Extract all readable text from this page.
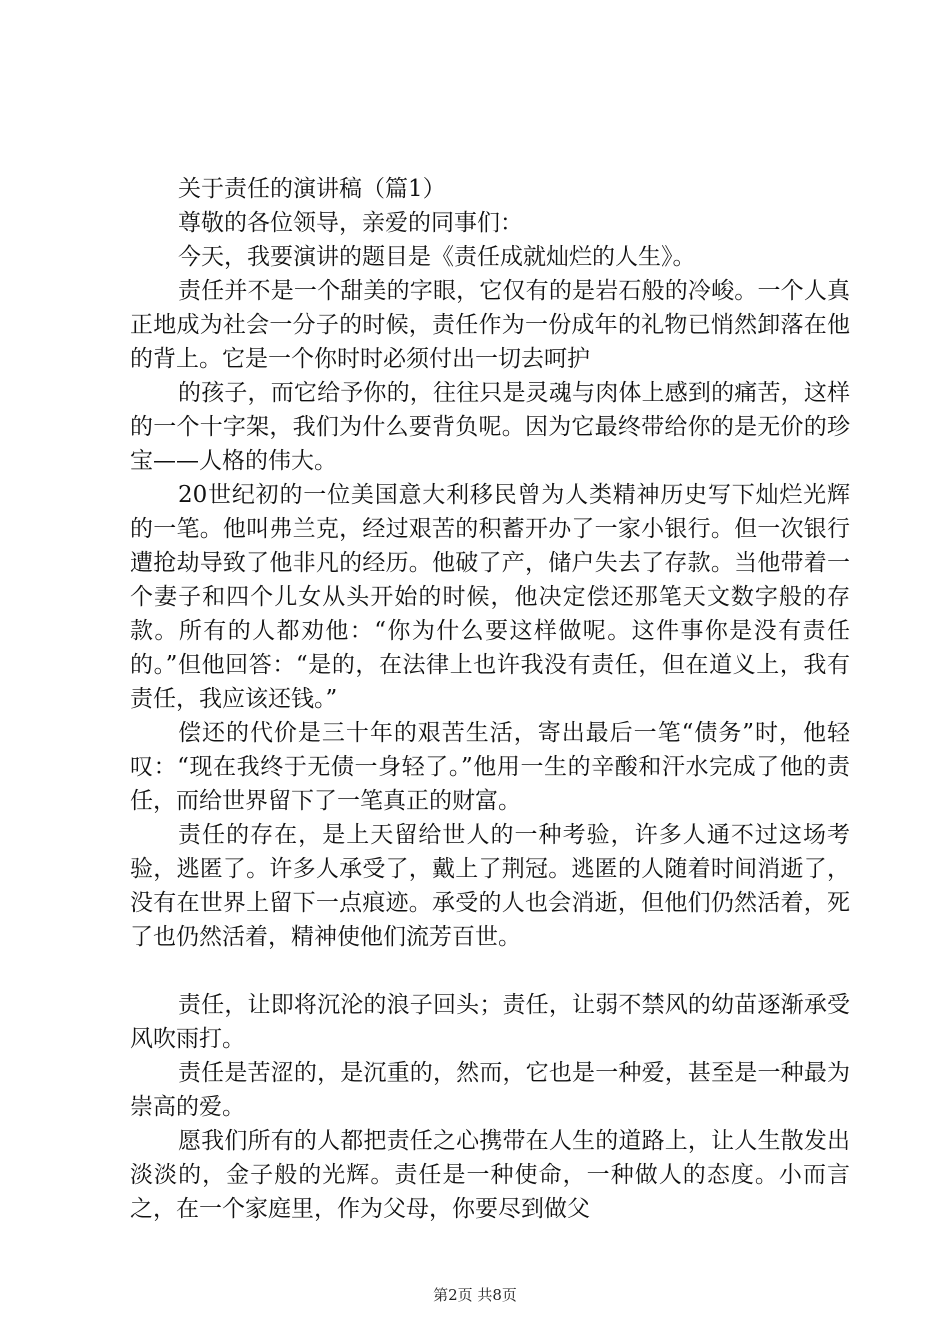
关于责任的演讲稿（篇1）

尊敬的各位领导，亲爱的同事们：

今天，我要演讲的题目是《责任成就灿烂的人生》。

责任并不是一个甜美的字眼，它仅有的是岩石般的冷峻。一个人真正地成为社会一分子的时候，责任作为一份成年的礼物已悄然卸落在他的背上。它是一个你时时必须付出一切去呵护

的孩子，而它给予你的，往往只是灵魂与肉体上感到的痛苦，这样的一个十字架，我们为什么要背负呢。因为它最终带给你的是无价的珍宝——人格的伟大。

20世纪初的一位美国意大利移民曾为人类精神历史写下灿烂光辉的一笔。他叫弗兰克，经过艰苦的积蓄开办了一家小银行。但一次银行遭抢劫导致了他非凡的经历。他破了产，储户失去了存款。当他带着一个妻子和四个儿女从头开始的时候，他决定偿还那笔天文数字般的存款。所有的人都劝他：“你为什么要这样做呢。这件事你是没有责任的。”但他回答：“是的，在法律上也许我没有责任，但在道义上，我有责任，我应该还钱。”

偿还的代价是三十年的艰苦生活，寄出最后一笔“债务”时，他轻叹：“现在我终于无债一身轻了。”他用一生的辛酸和汗水完成了他的责任，而给世界留下了一笔真正的财富。

责任的存在，是上天留给世人的一种考验，许多人通不过这场考验，逃匿了。许多人承受了，戴上了荆冠。逃匿的人随着时间消逝了，没有在世界上留下一点痕迹。承受的人也会消逝，但他们仍然活着，死了也仍然活着，精神使他们流芳百世。

责任，让即将沉沦的浪子回头；责任，让弱不禁风的幼苗逐渐承受风吹雨打。

责任是苦涩的，是沉重的，然而，它也是一种爱，甚至是一种最为崇高的爱。

愿我们所有的人都把责任之心携带在人生的道路上，让人生散发出淡淡的，金子般的光辉。责任是一种使命，一种做人的态度。小而言之，在一个家庭里，作为父母，你要尽到做父

第2页 共8页
